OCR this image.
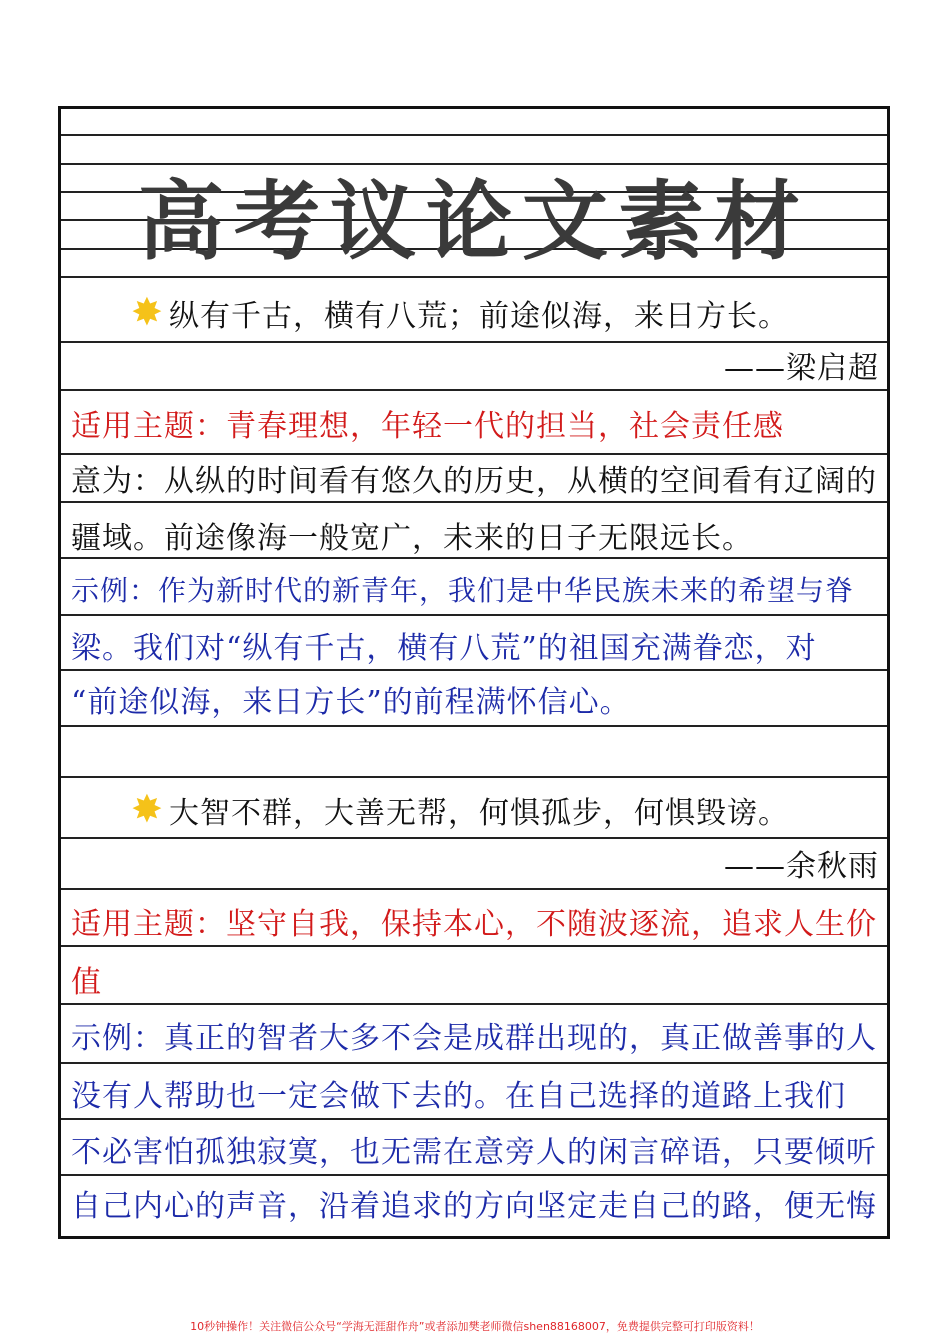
高考议论文素材
✸
纵有千古，横有八荒；前途似海，来日方长。
——梁启超
适用主题：青春理想，年轻一代的担当，社会责任感
意为：从纵的时间看有悠久的历史，从横的空间看有辽阔的
疆域。前途像海一般宽广，未来的日子无限远长。
示例：作为新时代的新青年，我们是中华民族未来的希望与脊
梁。我们对“纵有千古，横有八荒”的祖国充满眷恋，对
“前途似海，来日方长”的前程满怀信心。
✸
大智不群，大善无帮，何惧孤步，何惧毁谤。
——余秋雨
适用主题：坚守自我，保持本心，不随波逐流，追求人生价
值
示例：真正的智者大多不会是成群出现的，真正做善事的人
没有人帮助也一定会做下去的。在自己选择的道路上我们
不必害怕孤独寂寞，也无需在意旁人的闲言碎语，只要倾听
自己内心的声音，沿着追求的方向坚定走自己的路，便无悔
10秒钟操作！关注微信公众号“学海无涯甜作舟”或者添加樊老师微信shen88168007，免费提供完整可打印版资料！
